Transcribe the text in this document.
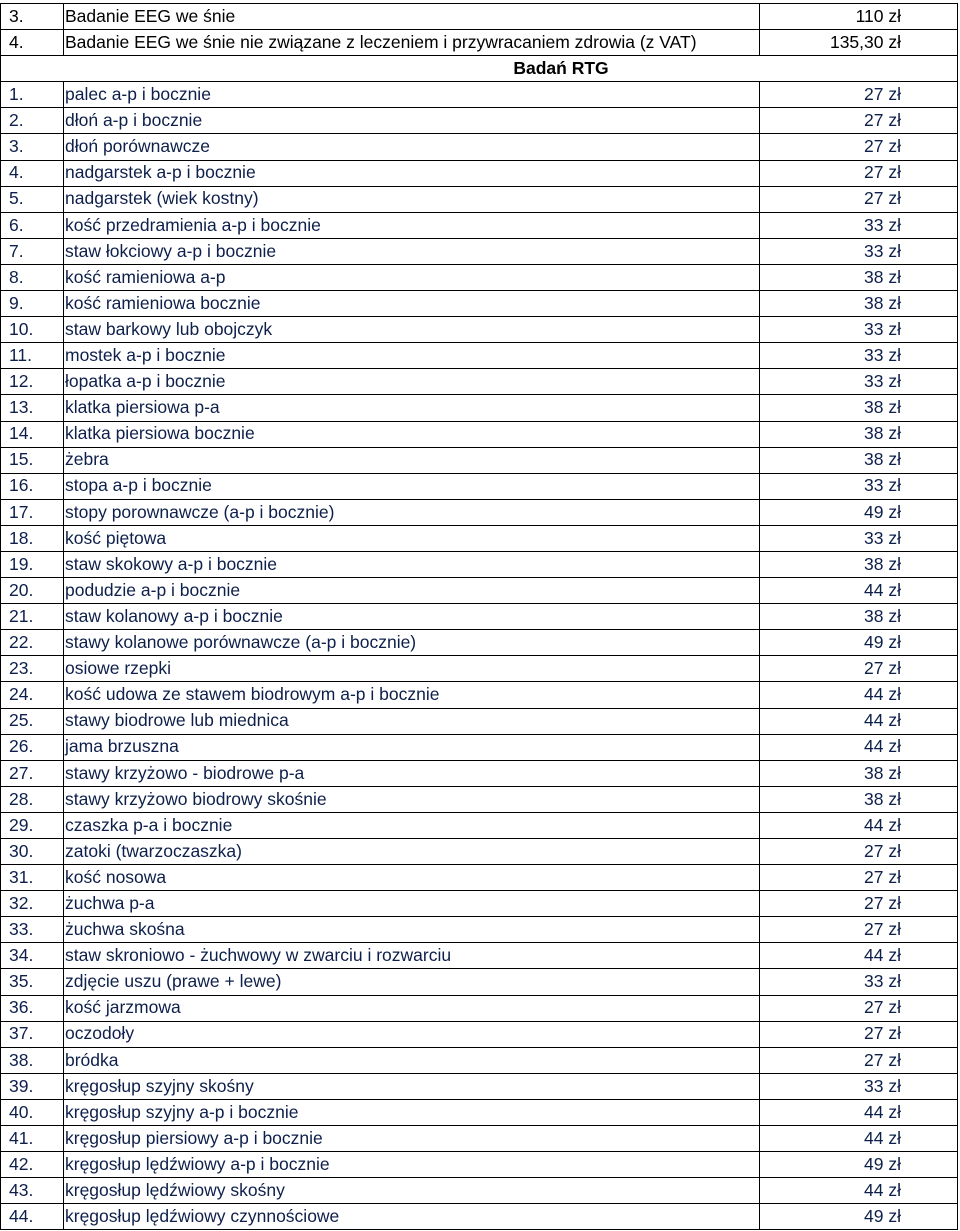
3.	Badanie EEG we śnie	110 zł
4.	Badanie EEG we śnie nie związane z leczeniem i przywracaniem zdrowia (z VAT)	135,30 zł
Badań RTG		
1.	palec a-p i bocznie	27 zł
2.	dłoń a-p i bocznie	27 zł
3.	dłoń porównawcze	27 zł
4.	nadgarstek a-p i bocznie	27 zł
5.	nadgarstek (wiek kostny)	27 zł
6.	kość przedramienia a-p i bocznie	33 zł
7.	staw łokciowy a-p i bocznie	33 zł
8.	kość ramieniowa a-p	38 zł
9.	kość ramieniowa bocznie	38 zł
10.	staw barkowy lub obojczyk	33 zł
11.	mostek a-p i bocznie	33 zł
12.	łopatka a-p i bocznie	33 zł
13.	klatka piersiowa p-a	38 zł
14.	klatka piersiowa bocznie	38 zł
15.	żebra	38 zł
16.	stopa a-p i bocznie	33 zł
17.	stopy porownawcze (a-p i bocznie)	49 zł
18.	kość piętowa	33 zł
19.	staw skokowy a-p i bocznie	38 zł
20.	podudzie a-p i bocznie	44 zł
21.	staw kolanowy a-p i bocznie	38 zł
22.	stawy kolanowe porównawcze (a-p i bocznie)	49 zł
23.	osiowe rzepki	27 zł
24.	kość udowa ze stawem biodrowym a-p i bocznie	44 zł
25.	stawy biodrowe lub miednica	44 zł
26.	jama brzuszna	44 zł
27.	stawy krzyżowo - biodrowe p-a	38 zł
28.	stawy krzyżowo biodrowy skośnie	38 zł
29.	czaszka p-a i bocznie	44 zł
30.	zatoki (twarzoczaszka)	27 zł
31.	kość nosowa	27 zł
32.	żuchwa p-a	27 zł
33.	żuchwa skośna	27 zł
34.	staw skroniowo - żuchwowy w zwarciu i rozwarciu	44 zł
35.	zdjęcie uszu (prawe + lewe)	33 zł
36.	kość jarzmowa	27 zł
37.	oczodoły	27 zł
38.	bródka	27 zł
39.	kręgosłup szyjny skośny	33 zł
40.	kręgosłup szyjny a-p i bocznie	44 zł
41.	kręgosłup piersiowy a-p i bocznie	44 zł
42.	kręgosłup lędźwiowy a-p i bocznie	49 zł
43.	kręgosłup lędźwiowy skośny	44 zł
44.	kręgosłup lędźwiowy czynnościowe	49 zł
